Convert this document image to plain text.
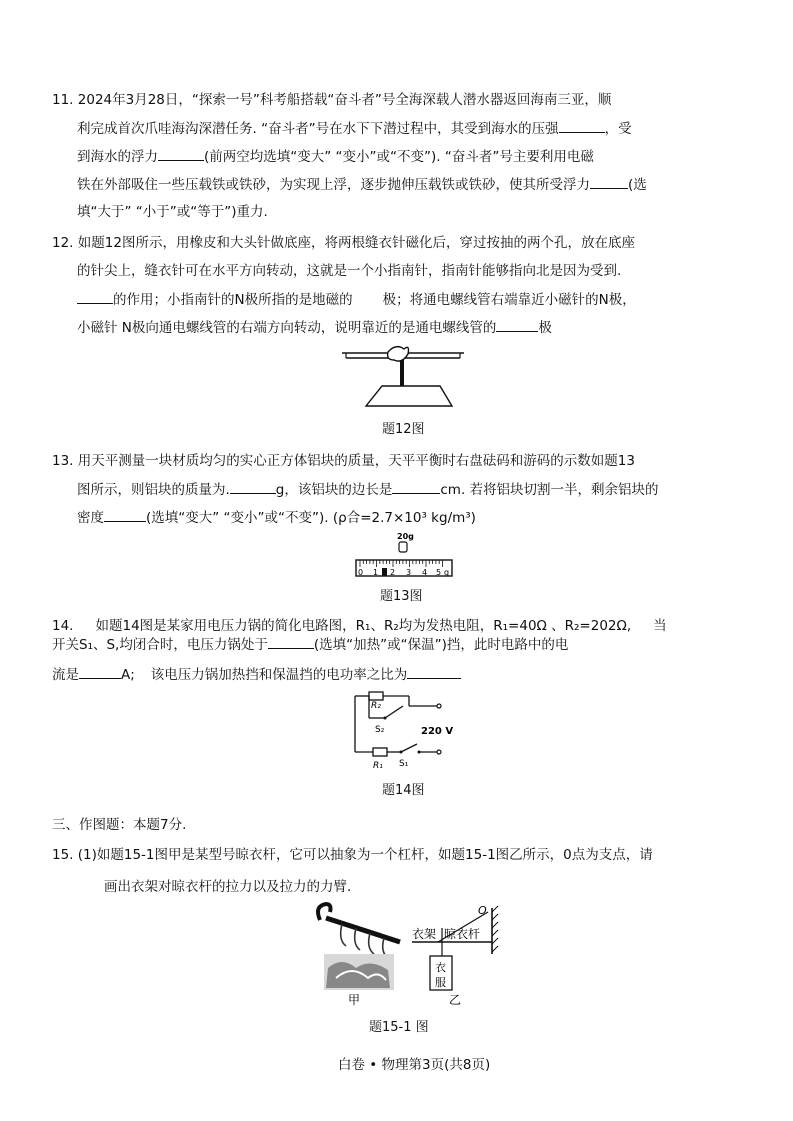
11. 2024年3月28日，“探索一号”科考船搭载“奋斗者”号全海深载人潜水器返回海南三亚，顺
利完成首次爪哇海沟深潜任务. “奋斗者”号在水下下潜过程中，其受到海水的压强	，受
到海水的浮力	(前两空均选填“变大” “变小”或“不变”). “奋斗者”号主要利用电磁
铁在外部吸住一些压载铁或铁砂，为实现上浮，逐步抛伸压载铁或铁砂，使其所受浮力	(选
填“大于” “小于”或“等于”)重力.
12. 如题12图所示，用橡皮和大头针做底座，将两根缝衣针磁化后，穿过按抽的两个孔，放在底座
的针尖上，缝衣针可在水平方向转动，这就是一个小指南针，指南针能够指向北是因为受到.
的作用；小指南针的N极所指的是地磁的 极；将通电螺线管右端靠近小磁针的N极，
小磁针 N极向通电螺线管的右端方向转动，说明靠近的是通电螺线管的	极
题12图
13. 用天平测量一块材质均匀的实心正方体铝块的质量，天平平衡时右盘砝码和游码的示数如题13
图所示，则铝块的质量为.	g，该铝块的边长是	cm. 若将铝块切割一半，剩余铝块的
密度	(选填“变大” “变小”或“不变”). (ρ合=2.7×10³ kg/m³)
20g
0 1 2 3 4 5 g
题13图
14. 如题14图是某家用电压力锅的简化电路图，R₁、R₂均为发热电阻，R₁=40Ω 、R₂=202Ω, 当
开关S₁、S,均闭合时，电压力锅处于	(选填“加热”或“保温”)挡，此时电路中的电
流是	A; 该电压力锅加热挡和保温挡的电功率之比为
R₂
S₂	220 V
R₁ S₁
题14图
三、作图题：本题7分.
15. (1)如题15-1图甲是某型号晾衣杆，它可以抽象为一个杠杆，如题15-1图乙所示，0点为支点，请
画出衣架对晾衣杆的拉力以及拉力的力臂.
甲
O
衣架 晾衣杆
衣
服
乙
题15-1 图
白卷 • 物理第3页(共8页)
